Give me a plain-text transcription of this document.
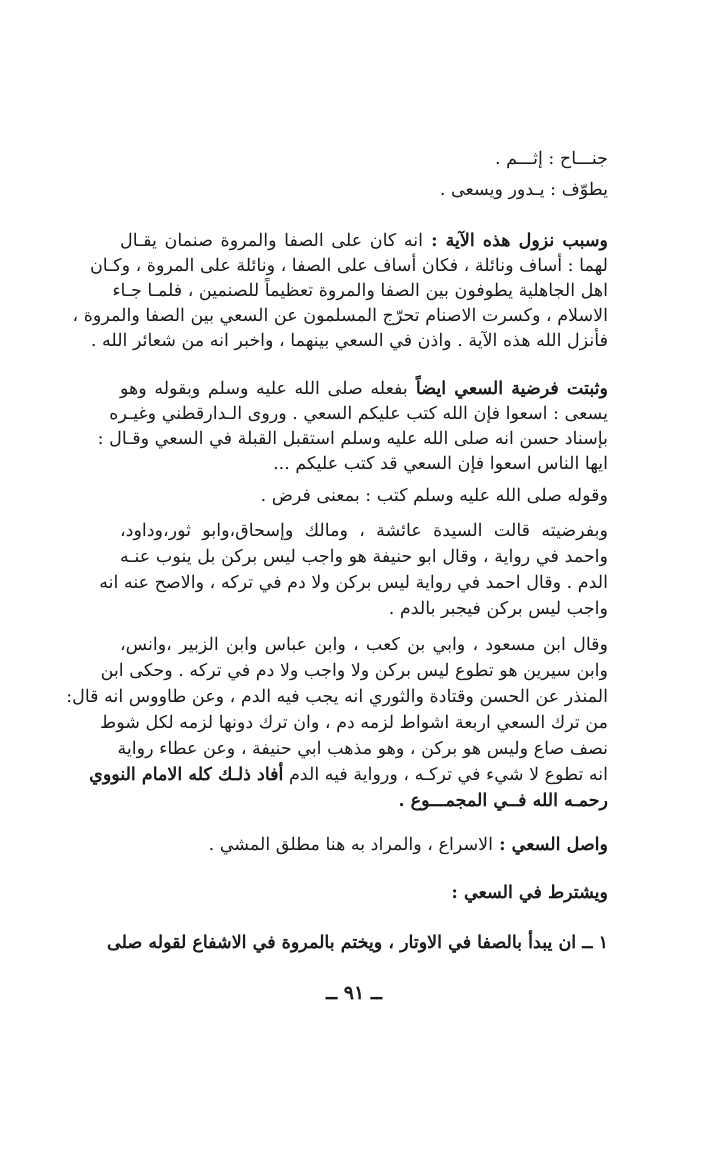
جنـــاح : إثـــم .
يطوّف : يـدور ويسعى .
وسبب نزول هذه الآية : انه كان على الصفا والمروة صنمان يقـال
لهما : أساف ونائلة ، فكان أساف على الصفا ، ونائلة على المروة ، وكـان
اهل الجاهلية يطوفون بين الصفا والمروة تعظيماً للصنمين ، فلمـا جـاء
الاسلام ، وكسرت الاصنام تحرّج المسلمون عن السعي بين الصفا والمروة ،
فأنزل الله هذه الآية . واذن في السعي بينهما ، واخبر انه من شعائر الله .
وثبتت فرضية السعي ايضاً بفعله صلى الله عليه وسلم وبقوله وهو
يسعى : اسعوا فإن الله كتب عليكم السعي . وروى الـدارقطني وغيـره
بإسناد حسن انه صلى الله عليه وسلم استقبل القبلة في السعي وقـال :
ايها الناس اسعوا فإن السعي قد كتب عليكم ...
وقوله صلى الله عليه وسلم كتب : بمعنى فرض .
وبفرضيته قالت السيدة عائشة ، ومالك وإسحاق،وابو ثور،وداود،
واحمد في رواية ، وقال ابو حنيفة هو واجب ليس بركن بل ينوب عنـه
الدم . وقال احمد في رواية ليس بركن ولا دم في تركه ، والاصح عنه انه
واجب ليس بركن فيجبر بالدم .
وقال ابن مسعود ، وابي بن كعب ، وابن عباس وابن الزبير ،وانس،
وابن سيرين هو تطوع ليس بركن ولا واجب ولا دم في تركه . وحكى ابن
المنذر عن الحسن وقتادة والثوري انه يجب فيه الدم ، وعن طاووس انه قال:
من ترك السعي اربعة اشواط لزمه دم ، وان ترك دونها لزمه لكل شوط
نصف صاع وليس هو بركن ، وهو مذهب ابي حنيفة ، وعن عطاء رواية
انه تطوع لا شيء في تركـه ، ورواية فيه الدم أفاد ذلـك كله الامام النووي
رحمـه الله فــي المجمـــوع .
واصل السعي : الاسراع ، والمراد به هنا مطلق المشي .
ويشترط في السعي :
١ ــ ان يبدأ بالصفا في الاوتار ، ويختم بالمروة في الاشفاع لقوله صلى
ــ ٩١ ــ
